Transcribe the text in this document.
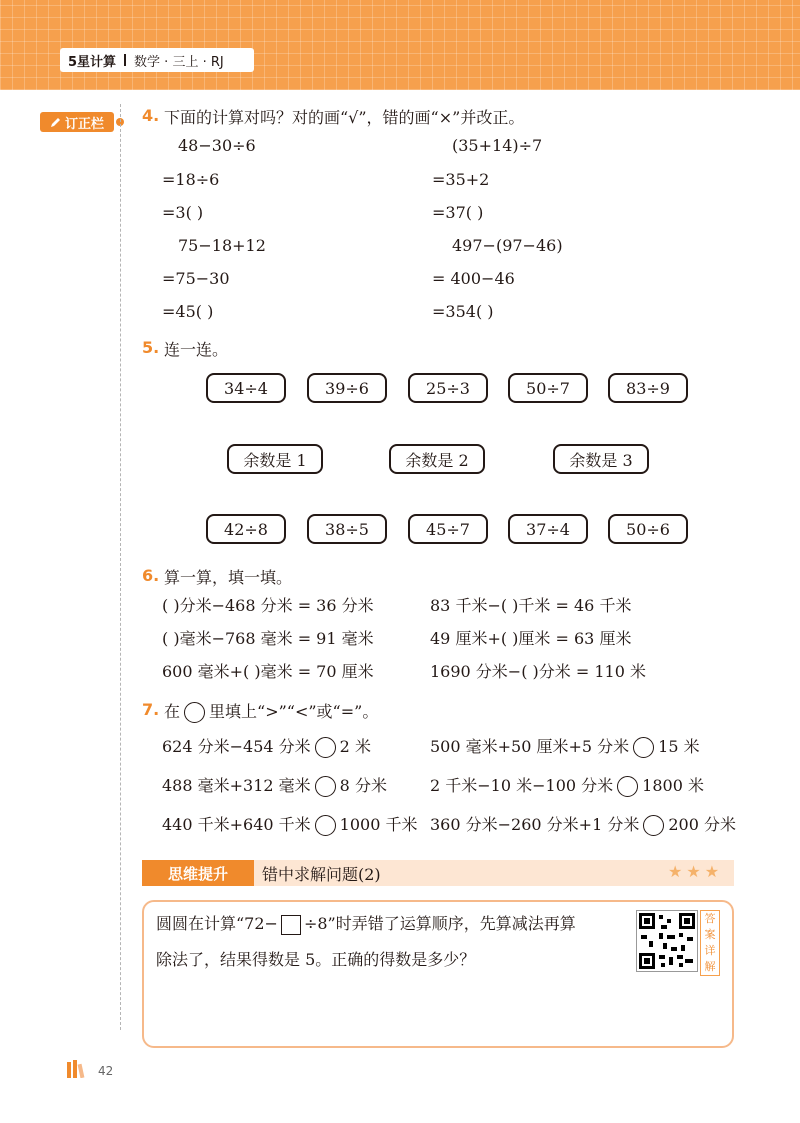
5星计算 数学 · 三上 · RJ
订正栏 4. 下面的计算对吗？对的画“√”，错的画“×”并改正。
48−30÷6	(35+14)÷7
=18÷6	=35+2
=3( )	=37( )
75−18+12	497−(97−46)
=75−30	= 400−46
=45( )	=354( )
5. 连一连。
34÷4	39÷6	25÷3	50÷7	83÷9
余数是 1	余数是 2	余数是 3
42÷8	38÷5	45÷7	37÷4	50÷6
6. 算一算，填一填。
( )分米−468 分米 = 36 分米	83 千米−( )千米 = 46 千米
( )毫米−768 毫米 = 91 毫米	49 厘米+( )厘米 = 63 厘米
600 毫米+( )毫米 = 70 厘米	1690 分米−( )分米 = 110 米
7. 在 里填上“>”“<”或“=”。
624 分米−454 分米 2 米	500 毫米+50 厘米+5 分米 15 米
488 毫米+312 毫米 8 分米	2 千米−10 米−100 分米 1800 米
440 千米+640 千米 1000 千米 360 分米−260 分米+1 分米 200 分米
思维提升	错中求解问题(2)	★★★
圆圆在计算“72− ÷8”时弄错了运算顺序，先算减法再算
除法了，结果得数是 5。正确的得数是多少？
答
案
详
解
42
